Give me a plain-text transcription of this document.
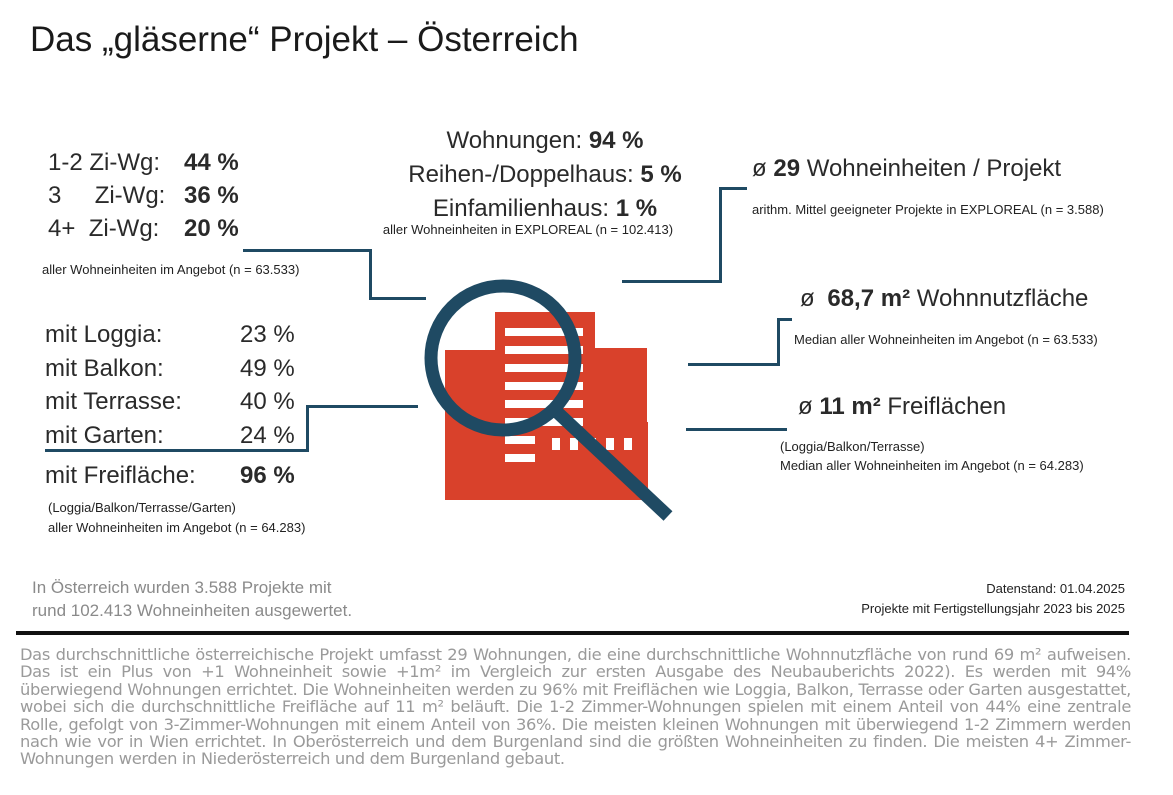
Das „gläserne“ Projekt – Österreich
1-2 Zi-Wg: 44 %
3     Zi-Wg: 36 %
4+  Zi-Wg:	20 %
aller Wohneinheiten im Angebot (n = 63.533)
Wohnungen: 94 %
Reihen-/Doppelhaus: 5 %
Einfamilienhaus: 1 %
aller Wohneinheiten in EXPLOREAL (n = 102.413)
ø 29 Wohneinheiten / Projekt
arithm. Mittel geeigneter Projekte in EXPLOREAL (n = 3.588)
ø 68,7 m² Wohnnutzfläche
Median aller Wohneinheiten im Angebot (n = 63.533)
ø 11 m² Freiflächen
(Loggia/Balkon/Terrasse)
Median aller Wohneinheiten im Angebot (n = 64.283)
mit Loggia:	23 %
mit Balkon:	49 %
mit Terrasse:	40 %
mit Garten:	24 %
mit Freifläche:	96 %
(Loggia/Balkon/Terrasse/Garten)
aller Wohneinheiten im Angebot (n = 64.283)
In Österreich wurden 3.588 Projekte mit
rund 102.413 Wohneinheiten ausgewertet.
Datenstand: 01.04.2025
Projekte mit Fertigstellungsjahr 2023 bis 2025
Das durchschnittliche österreichische Projekt umfasst 29 Wohnungen, die eine durchschnittliche Wohnnutzfläche von rund 69 m² aufweisen. Das ist ein Plus von +1 Wohneinheit sowie +1m² im Vergleich zur ersten Ausgabe des Neubauberichts 2022). Es werden mit 94% überwiegend Wohnungen errichtet. Die Wohneinheiten werden zu 96% mit Freiflächen wie Loggia, Balkon, Terrasse oder Garten ausgestattet, wobei sich die durchschnittliche Freifläche auf 11 m² beläuft. Die 1-2 Zimmer-Wohnungen spielen mit einem Anteil von 44% eine zentrale Rolle, gefolgt von 3-Zimmer-Wohnungen mit einem Anteil von 36%. Die meisten kleinen Wohnungen mit überwiegend 1-2 Zimmern werden nach wie vor in Wien errichtet. In Oberösterreich und dem Burgenland sind die größten Wohneinheiten zu finden. Die meisten 4+ Zimmer-Wohnungen werden in Niederösterreich und dem Burgenland gebaut.
